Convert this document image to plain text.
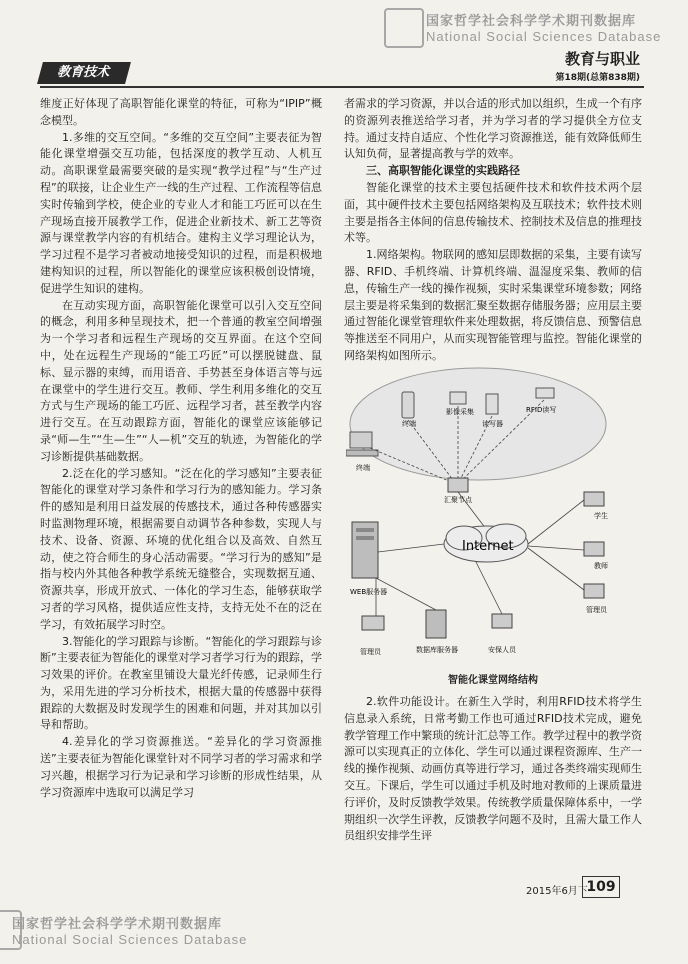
国家哲学社会科学学术期刊数据库
National Social Sciences Database
教育技术
教育与职业
第18期(总第838期)

维度正好体现了高职智能化课堂的特征，可称为“IPIP”概念模型。

1.多维的交互空间。“多维的交互空间”主要表征为智能化课堂增强交互功能，包括深度的教学互动、人机互动。高职课堂最需要突破的是实现“教学过程”与“生产过程”的联接，让企业生产一线的生产过程、工作流程等信息实时传输到学校，使企业的专业人才和能工巧匠可以在生产现场直接开展教学工作，促进企业新技术、新工艺等资源与课堂教学内容的有机结合。建构主义学习理论认为，学习过程不是学习者被动地接受知识的过程，而是积极地建构知识的过程，所以智能化的课堂应该积极创设情境，促进学生知识的建构。

在互动实现方面，高职智能化课堂可以引入交互空间的概念，利用多种呈现技术，把一个普通的教室空间增强为一个学习者和远程生产现场的交互界面。在这个空间中，处在远程生产现场的“能工巧匠”可以摆脱键盘、鼠标、显示器的束缚，而用语音、手势甚至身体语言等与远在课堂中的学生进行交互。教师、学生利用多维化的交互方式与生产现场的能工巧匠、远程学习者，甚至教学内容进行交互。在互动跟踪方面，智能化的课堂应该能够记录“师—生”“生—生”“人—机”交互的轨迹，为智能化的学习诊断提供基础数据。

2.泛在化的学习感知。“泛在化的学习感知”主要表征智能化的课堂对学习条件和学习行为的感知能力。学习条件的感知是利用日益发展的传感技术，通过各种传感器实时监测物理环境，根据需要自动调节各种参数，实现人与技术、设备、资源、环境的优化组合以及高效、自然互动，使之符合师生的身心活动需要。“学习行为的感知”是指与校内外其他各种教学系统无缝整合，实现数据互通、资源共享，形成开放式、一体化的学习生态，能够获取学习者的学习风格，提供适应性支持，支持无处不在的泛在学习，有效拓展学习时空。

3.智能化的学习跟踪与诊断。“智能化的学习跟踪与诊断”主要表征为智能化的课堂对学习者学习行为的跟踪，学习效果的评价。在教室里铺设大量光纤传感，记录师生行为，采用先进的学习分析技术，根据大量的传感器中获得跟踪的大数据及时发现学生的困难和问题，并对其加以引导和帮助。

4.差异化的学习资源推送。“差异化的学习资源推送”主要表征为智能化课堂针对不同学习者的学习需求和学习兴趣，根据学习行为记录和学习诊断的形成性结果，从学习资源库中选取可以满足学习

者需求的学习资源，并以合适的形式加以组织，生成一个有序的资源列表推送给学习者，并为学习者的学习提供全方位支持。通过支持自适应、个性化学习资源推送，能有效降低师生认知负荷，显著提高教与学的效率。

三、高职智能化课堂的实践路径

智能化课堂的技术主要包括硬件技术和软件技术两个层面，其中硬件技术主要包括网络架构及互联技术；软件技术则主要是指各主体间的信息传输技术、控制技术及信息的推理技术等。

1.网络架构。物联网的感知层即数据的采集，主要有读写器、RFID、手机终端、计算机终端、温湿度采集、教师的信息，传输生产一线的操作视频，实时采集课堂环境参数；网络层主要是将采集到的数据汇聚至数据存储服务器；应用层主要通过智能化课堂管理软件来处理数据，将反馈信息、预警信息等推送至不同用户，从而实现智能管理与监控。智能化课堂的网络架构如图所示。

终端
终端
影像采集
读写器
RFID读写
汇聚节点
Internet
WEB服务器
学生
教师
管理员
管理员	数据库服务器	安保人员
智能化课堂网络结构

2.软件功能设计。在新生入学时，利用RFID技术将学生信息录入系统，日常考勤工作也可通过RFID技术完成，避免教学管理工作中繁琐的统计汇总等工作。教学过程中的教学资源可以实现真正的立体化、学生可以通过课程资源库、生产一线的操作视频、动画仿真等进行学习，通过各类终端实现师生交互。下课后，学生可以通过手机及时地对教师的上课质量进行评价，及时反馈教学效果。传统教学质量保障体系中，一学期组织一次学生评教，反馈教学问题不及时，且需大量工作人员组织安排学生评

2015年6月下
109
国家哲学社会科学学术期刊数据库
National Social Sciences Database
